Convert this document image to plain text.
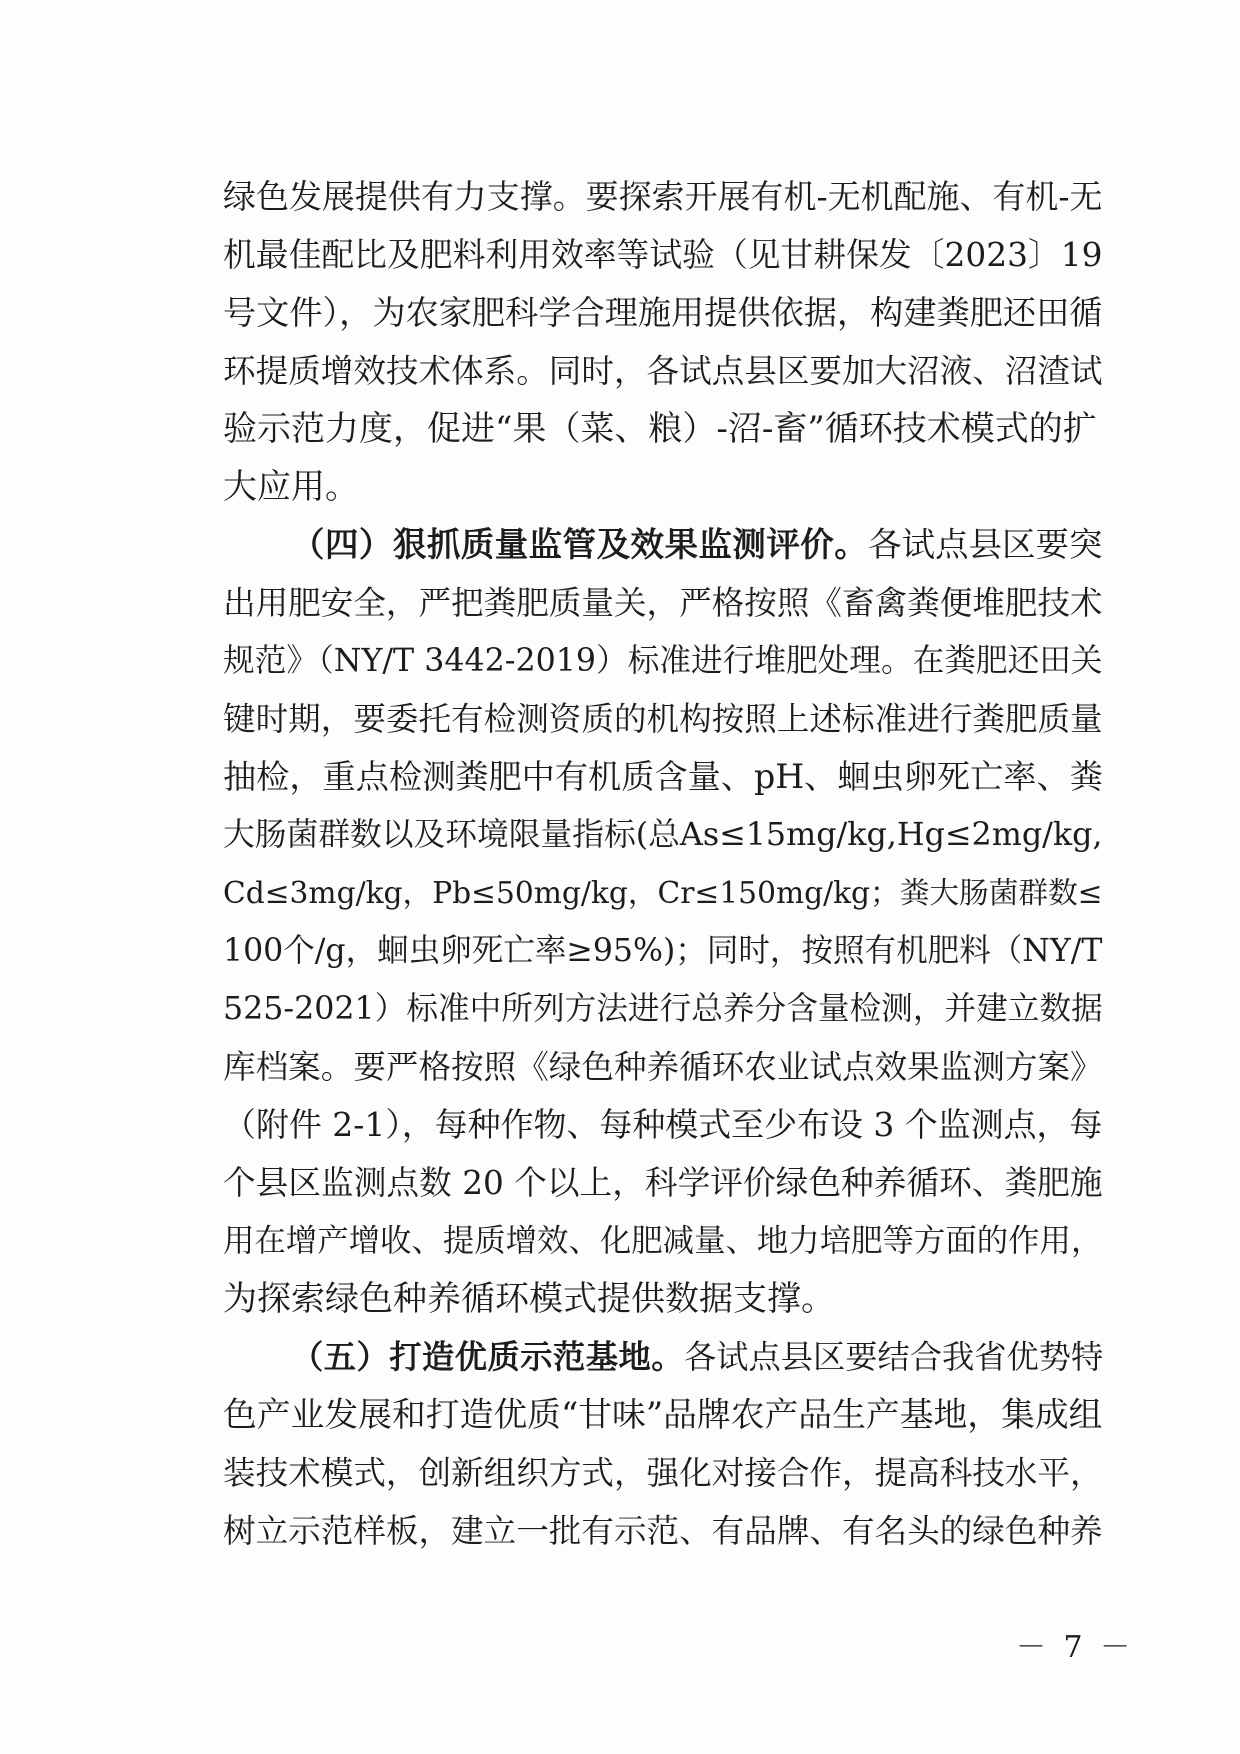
绿色发展提供有力支撑。要探索开展有机-无机配施、有机-无
机最佳配比及肥料利用效率等试验（见甘耕保发〔2023〕19
号文件），为农家肥科学合理施用提供依据，构建粪肥还田循
环提质增效技术体系。同时，各试点县区要加大沼液、沼渣试
验示范力度，促进“果（菜、粮）-沼-畜”循环技术模式的扩
大应用。
（四）狠抓质量监管及效果监测评价。各试点县区要突
出用肥安全，严把粪肥质量关，严格按照《畜禽粪便堆肥技术
规范》（NY/T 3442-2019）标准进行堆肥处理。在粪肥还田关
键时期，要委托有检测资质的机构按照上述标准进行粪肥质量
抽检，重点检测粪肥中有机质含量、pH、蛔虫卵死亡率、粪
大肠菌群数以及环境限量指标(总As≤15mg/kg,Hg≤2mg/kg,
Cd≤3mg/kg，Pb≤50mg/kg，Cr≤150mg/kg；粪大肠菌群数≤
100个/g，蛔虫卵死亡率≥95%)；同时，按照有机肥料（NY/T
525-2021）标准中所列方法进行总养分含量检测，并建立数据
库档案。要严格按照《绿色种养循环农业试点效果监测方案》
（附件 2-1），每种作物、每种模式至少布设 3 个监测点，每
个县区监测点数 20 个以上，科学评价绿色种养循环、粪肥施
用在增产增收、提质增效、化肥减量、地力培肥等方面的作用，
为探索绿色种养循环模式提供数据支撑。
（五）打造优质示范基地。各试点县区要结合我省优势特
色产业发展和打造优质“甘味”品牌农产品生产基地，集成组
装技术模式，创新组织方式，强化对接合作，提高科技水平，
树立示范样板，建立一批有示范、有品牌、有名头的绿色种养
－ 7 －
